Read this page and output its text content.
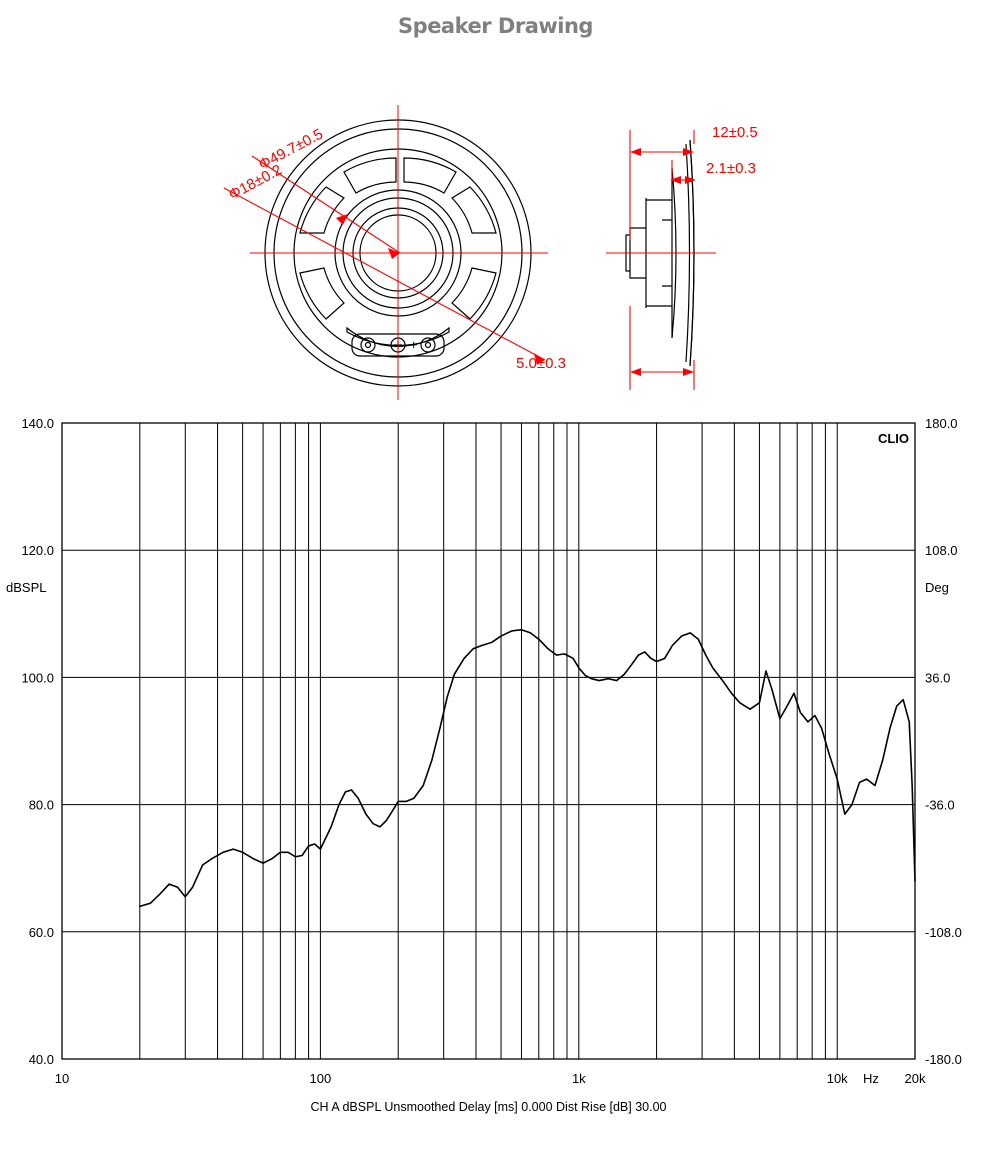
Speaker Drawing
− +
Φ18±0.2
Φ49.7±0.5	12±0.5
2.1±0.3
5.0±0.3
40.0
60.0
80.0
100.0
120.0
140.0
-180.0
-108.0
-36.0
36.0
108.0
180.0
10	100	1k	10k	20k
Hz
dBSPL	Deg
CLIO
CH A dBSPL Unsmoothed Delay [ms] 0.000 Dist Rise [dB] 30.00
